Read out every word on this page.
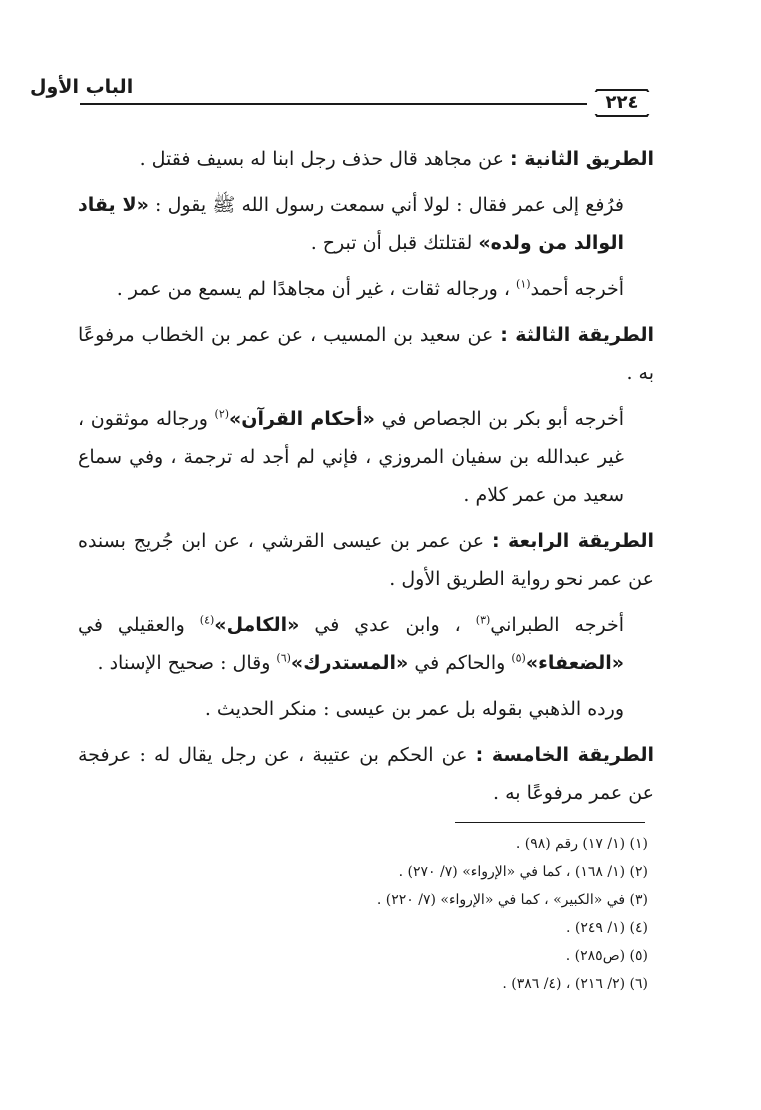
الباب الأول
٢٢٤

الطريق الثانية : عن مجاهد قال حذف رجل ابنا له بسيف فقتل .

فرُفع إلى عمر فقال : لولا أني سمعت رسول الله ﷺ يقول : «لا يقاد الوالد من ولده» لقتلتك قبل أن تبرح .

أخرجه أحمد$^{(١)}$ ، ورجاله ثقات ، غير أن مجاهدًا لم يسمع من عمر .

الطريقة الثالثة : عن سعيد بن المسيب ، عن عمر بن الخطاب مرفوعًا به .

أخرجه أبو بكر بن الجصاص في «أحكام القرآن»$^{(٢)}$ ورجاله موثقون ، غير عبدالله بن سفيان المروزي ، فإني لم أجد له ترجمة ، وفي سماع سعيد من عمر كلام .

الطريقة الرابعة : عن عمر بن عيسى القرشي ، عن ابن جُريج بسنده عن عمر نحو رواية الطريق الأول .

أخرجه الطبراني$^{(٣)}$ ، وابن عدي في «الكامل»$^{(٤)}$ والعقيلي في «الضعفاء»$^{(٥)}$ والحاكم في «المستدرك»$^{(٦)}$ وقال : صحيح الإسناد .

ورده الذهبي بقوله بل عمر بن عيسى : منكر الحديث .

الطريقة الخامسة : عن الحكم بن عتيبة ، عن رجل يقال له : عرفجة عن عمر مرفوعًا به .

(١) (١/ ١٧) رقم (٩٨) .

(٢) (١/ ١٦٨) ، كما في «الإرواء» (٧/ ٢٧٠) .

(٣) في «الكبير» ، كما في «الإرواء» (٧/ ٢٢٠) .

(٤) (١/ ٢٤٩) .

(٥) (ص٢٨٥) .

(٦) (٢/ ٢١٦) ، (٤/ ٣٨٦) .
